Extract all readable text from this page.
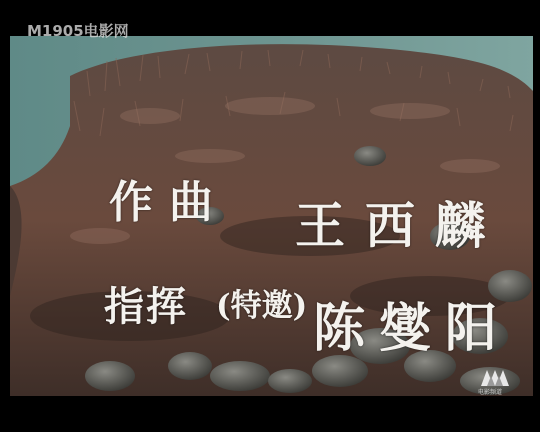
作曲 王西麟
指挥 (特邀) 陈燮阳
M1905电影网
电影频道
